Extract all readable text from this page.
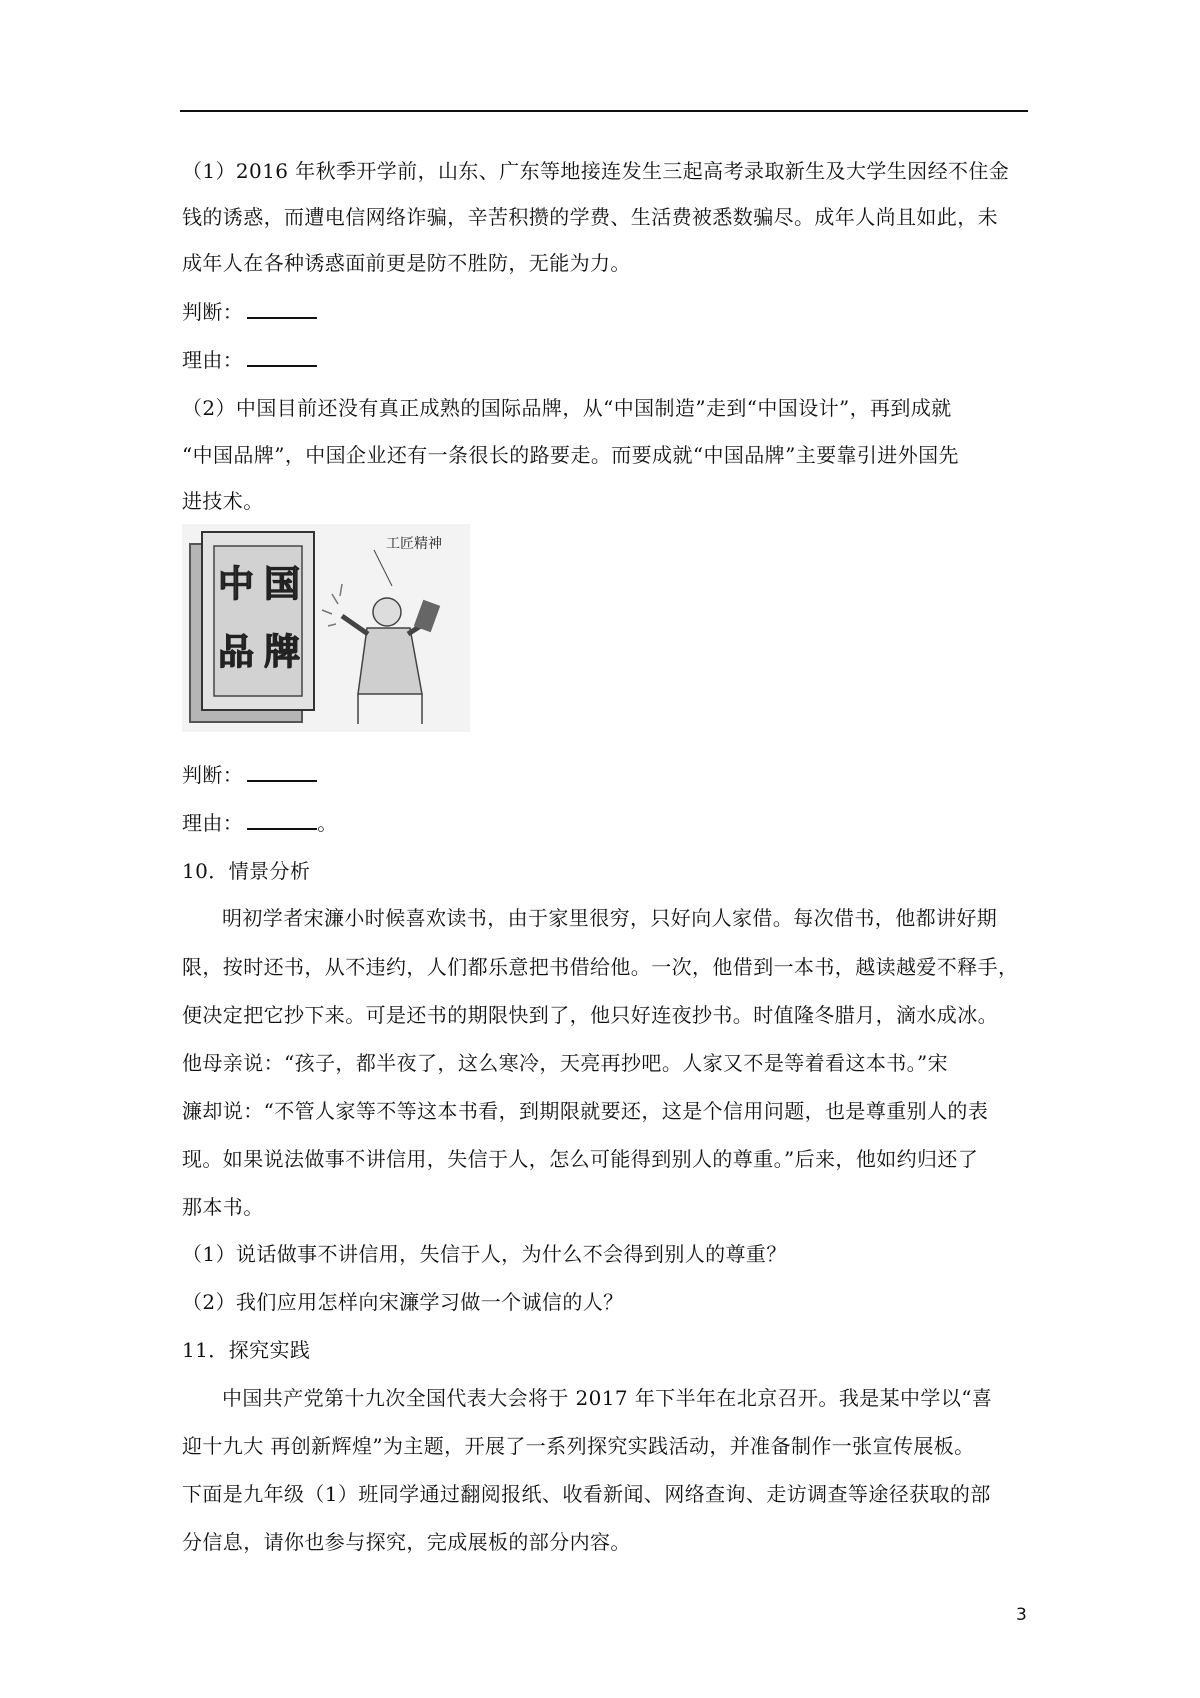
（1）2016 年秋季开学前，山东、广东等地接连发生三起高考录取新生及大学生因经不住金
钱的诱惑，而遭电信网络诈骗，辛苦积攒的学费、生活费被悉数骗尽。成年人尚且如此，未
成年人在各种诱惑面前更是防不胜防，无能为力。
判断：
理由：
（2）中国目前还没有真正成熟的国际品牌，从“中国制造”走到“中国设计”，再到成就
“中国品牌”，中国企业还有一条很长的路要走。而要成就“中国品牌”主要靠引进外国先
进技术。
中 国
品 牌
工匠精神
判断：
理由：	。
10．情景分析
明初学者宋濂小时候喜欢读书，由于家里很穷，只好向人家借。每次借书，他都讲好期
限，按时还书，从不违约，人们都乐意把书借给他。一次，他借到一本书，越读越爱不释手，
便决定把它抄下来。可是还书的期限快到了，他只好连夜抄书。时值隆冬腊月，滴水成冰。
他母亲说：“孩子，都半夜了，这么寒冷，天亮再抄吧。人家又不是等着看这本书。”宋
濂却说：“不管人家等不等这本书看，到期限就要还，这是个信用问题，也是尊重别人的表
现。如果说法做事不讲信用，失信于人，怎么可能得到别人的尊重。”后来，他如约归还了
那本书。
（1）说话做事不讲信用，失信于人，为什么不会得到别人的尊重？
（2）我们应用怎样向宋濂学习做一个诚信的人？
11．探究实践
中国共产党第十九次全国代表大会将于 2017 年下半年在北京召开。我是某中学以“喜
迎十九大 再创新辉煌”为主题，开展了一系列探究实践活动，并准备制作一张宣传展板。
下面是九年级（1）班同学通过翻阅报纸、收看新闻、网络查询、走访调查等途径获取的部
分信息，请你也参与探究，完成展板的部分内容。
3
